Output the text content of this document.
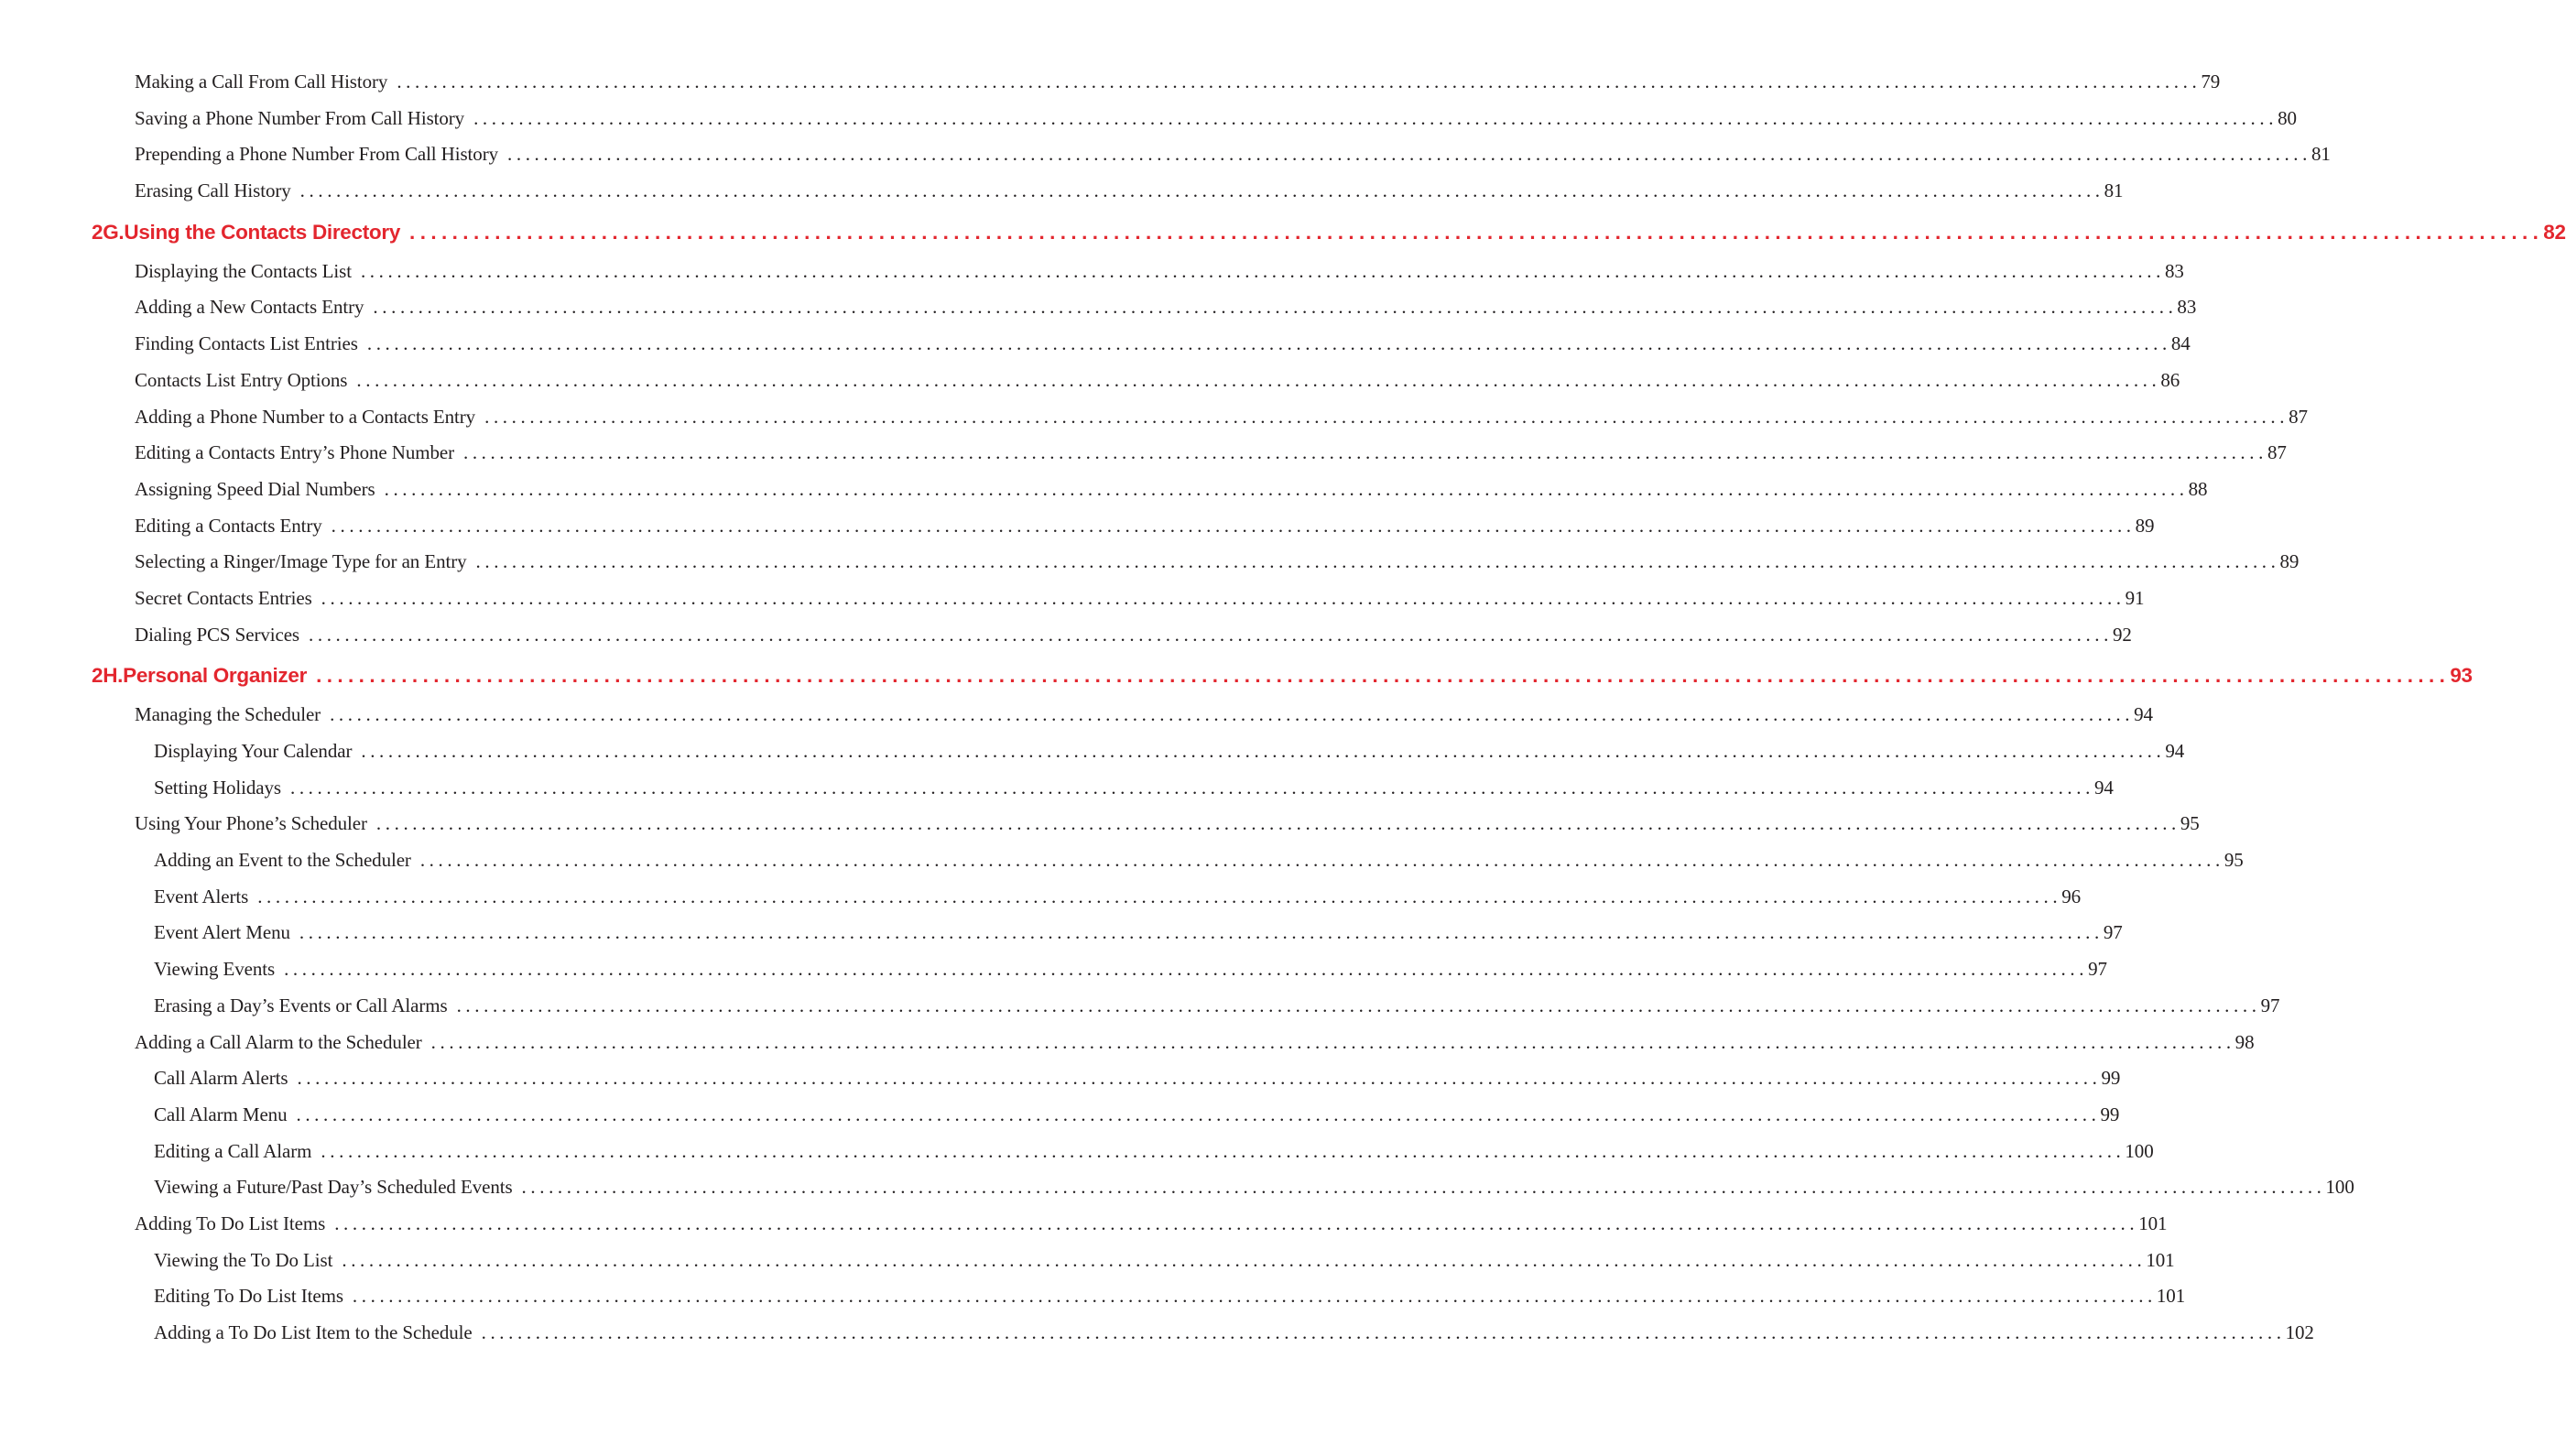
Making a Call From Call History ........................................................................................................................................................................................................ 79
Saving a Phone Number From Call History ........................................................................................................................................................................................................ 80
Prepending a Phone Number From Call History ........................................................................................................................................................................................................ 81
Erasing Call History ........................................................................................................................................................................................................ 81
2G. Using the Contacts Directory ........................................................................................................................................................................................................ 82
Displaying the Contacts List ........................................................................................................................................................................................................ 83
Adding a New Contacts Entry ........................................................................................................................................................................................................ 83
Finding Contacts List Entries ........................................................................................................................................................................................................ 84
Contacts List Entry Options ........................................................................................................................................................................................................ 86
Adding a Phone Number to a Contacts Entry ........................................................................................................................................................................................................ 87
Editing a Contacts Entry’s Phone Number ........................................................................................................................................................................................................ 87
Assigning Speed Dial Numbers ........................................................................................................................................................................................................ 88
Editing a Contacts Entry ........................................................................................................................................................................................................ 89
Selecting a Ringer/Image Type for an Entry ........................................................................................................................................................................................................ 89
Secret Contacts Entries ........................................................................................................................................................................................................ 91
Dialing PCS Services ........................................................................................................................................................................................................ 92
2H. Personal Organizer ........................................................................................................................................................................................................ 93
Managing the Scheduler ........................................................................................................................................................................................................ 94
Displaying Your Calendar ........................................................................................................................................................................................................ 94
Setting Holidays ........................................................................................................................................................................................................ 94
Using Your Phone’s Scheduler ........................................................................................................................................................................................................ 95
Adding an Event to the Scheduler ........................................................................................................................................................................................................ 95
Event Alerts ........................................................................................................................................................................................................ 96
Event Alert Menu ........................................................................................................................................................................................................ 97
Viewing Events ........................................................................................................................................................................................................ 97
Erasing a Day’s Events or Call Alarms ........................................................................................................................................................................................................ 97
Adding a Call Alarm to the Scheduler ........................................................................................................................................................................................................ 98
Call Alarm Alerts ........................................................................................................................................................................................................ 99
Call Alarm Menu ........................................................................................................................................................................................................ 99
Editing a Call Alarm ........................................................................................................................................................................................................ 100
Viewing a Future/Past Day’s Scheduled Events ........................................................................................................................................................................................................ 100
Adding To Do List Items ........................................................................................................................................................................................................ 101
Viewing the To Do List ........................................................................................................................................................................................................ 101
Editing To Do List Items ........................................................................................................................................................................................................ 101
Adding a To Do List Item to the Schedule ........................................................................................................................................................................................................ 102
